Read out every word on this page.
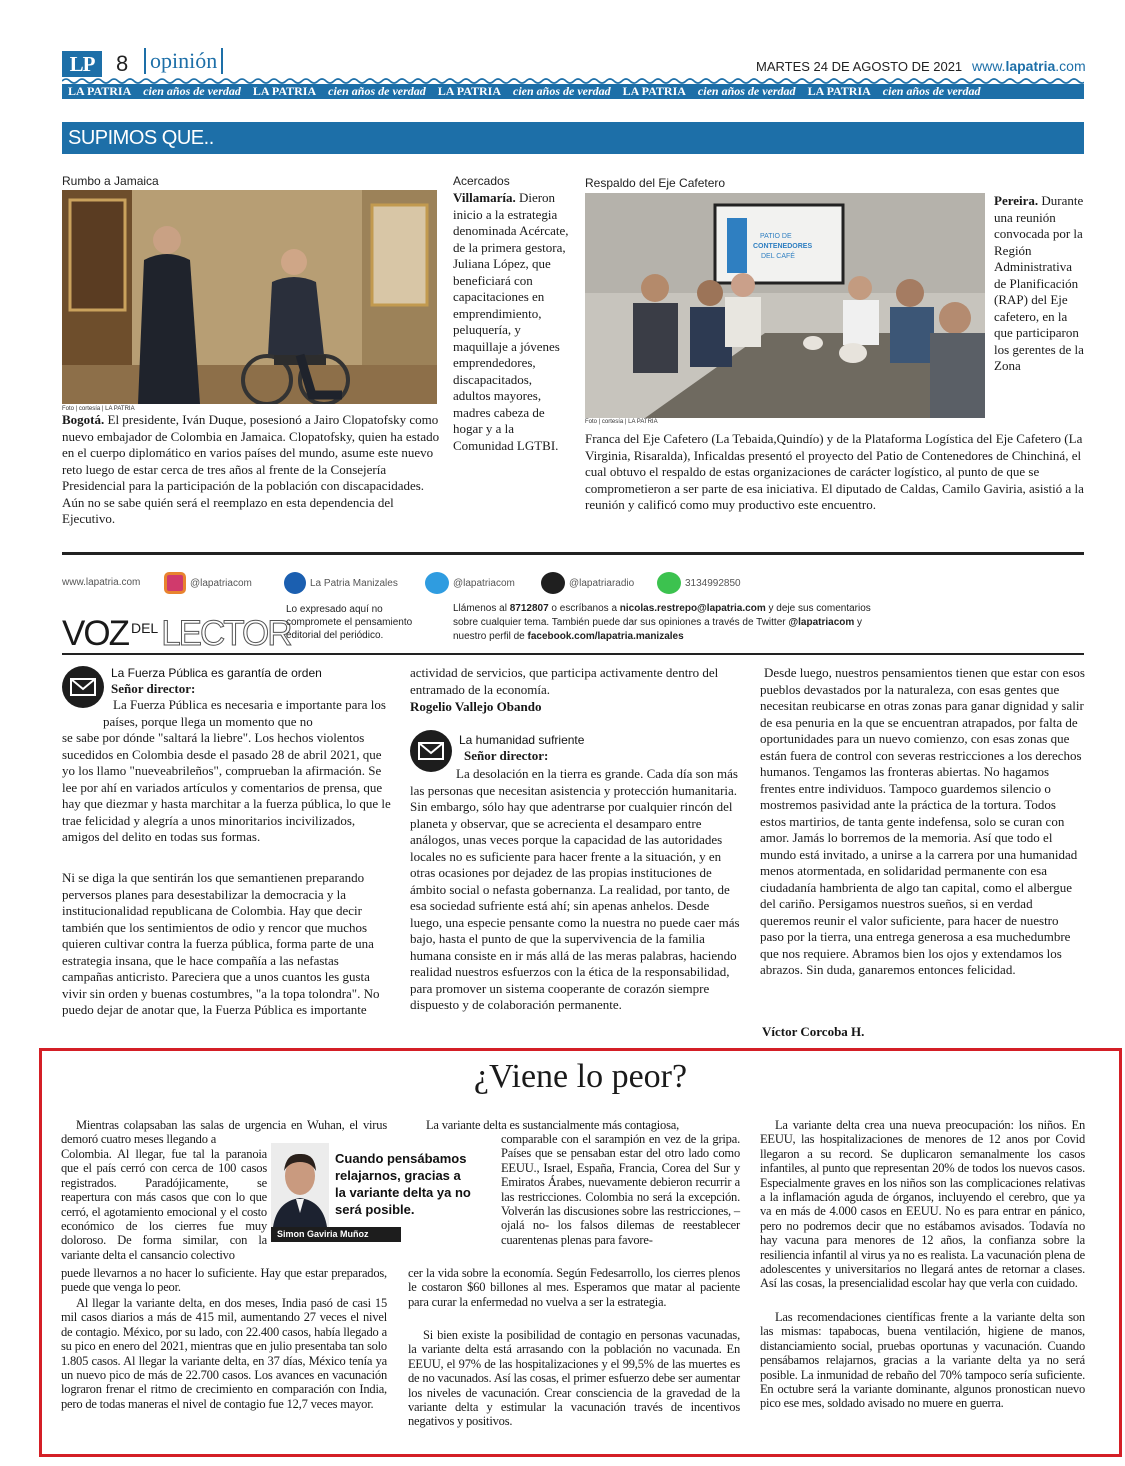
LP 8 opinión	MARTES 24 DE AGOSTO DE 2021 www.lapatria.com
LA PATRIA cien años de verdad LA PATRIA cien años de verdad LA PATRIA cien años de verdad LA PATRIA cien años de verdad LA PATRIA cien años de verdad
SUPIMOS QUE..
Rumbo a Jamaica
Foto | cortesía | LA PATRIA
Bogotá. El presidente, Iván Duque, posesionó a Jairo Clopatofsky como nuevo embajador de Colombia en Jamaica. Clopatofsky, quien ha estado en el cuerpo diplomático en varios países del mundo, asume este nuevo reto luego de estar cerca de tres años al frente de la Consejería Presidencial para la participación de la población con discapacidades. Aún no se sabe quién será el reemplazo en esta dependencia del Ejecutivo.
Acercados
Villamaría. Dieron inicio a la estrategia denominada Acércate, de la primera gestora, Juliana López, que beneficiará con capacitaciones en emprendimiento, peluquería, y maquillaje a jóvenes emprendedores, discapacitados, adultos mayores, madres cabeza de hogar y a la Comunidad LGTBI.
Respaldo del Eje Cafetero
PATIO DE
CONTENEDORES
DEL CAFÉ
Foto | cortesía | LA PATRIA
Pereira. Durante una reunión convocada por la Región Administrativa de Planificación (RAP) del Eje cafetero, en la que participaron los gerentes de la Zona
Franca del Eje Cafetero (La Tebaida,Quindío) y de la Plataforma Logística del Eje Cafetero (La Virginia, Risaralda), Inficaldas presentó el proyecto del Patio de Contenedores de Chinchiná, el cual obtuvo el respaldo de estas organizaciones de carácter logístico, al punto de que se comprometieron a ser parte de esa iniciativa. El diputado de Caldas, Camilo Gaviria, asistió a la reunión y calificó como muy productivo este encuentro.
www.lapatria.com	@lapatriacom	La Patria Manizales	@lapatriacom	@lapatriaradio	3134992850
VOZ $^{DEL}$LECTOR
Lo expresado aquí no compromete el pensamiento editorial del periódico.
Llámenos al 8712807 o escríbanos a nicolas.restrepo@lapatria.com y deje sus comentarios sobre cualquier tema. También puede dar sus opiniones a través de Twitter @lapatriacom y nuestro perfil de facebook.com/lapatria.manizales
La Fuerza Pública es garantía de orden
Señor director:
La Fuerza Pública es necesaria e importante para los países, porque llega un momento que no
se sabe por dónde "saltará la liebre". Los hechos violentos sucedidos en Colombia desde el pasado 28 de abril 2021, que yo los llamo "nueveabrileños", comprueban la afirmación. Se lee por ahí en variados artículos y comentarios de prensa, que hay que diezmar y hasta marchitar a la fuerza pública, lo que le trae felicidad y alegría a unos minoritarios incivilizados, amigos del delito en todas sus formas.
Ni se diga la que sentirán los que semantienen preparando perversos planes para desestabilizar la democracia y la institucionalidad republicana de Colombia. Hay que decir también que los sentimientos de odio y rencor que muchos quieren cultivar contra la fuerza pública, forma parte de una estrategia insana, que le hace compañía a las nefastas campañas anticristo. Pareciera que a unos cuantos les gusta vivir sin orden y buenas costumbres, "a la topa tolondra". No puedo dejar de anotar que, la Fuerza Pública es importante
actividad de servicios, que participa activamente dentro del entramado de la economía.
Rogelio Vallejo Obando
La humanidad sufriente
Señor director:
La desolación en la tierra es grande. Cada día son más las personas que necesitan asistencia y protección humanitaria. Sin embargo, sólo hay que adentrarse por cualquier rincón del planeta y observar, que se acrecienta el desamparo entre análogos, unas veces porque la capacidad de las autoridades locales no es suficiente para hacer frente a la situación, y en otras ocasiones por dejadez de las propias instituciones de ámbito social o nefasta gobernanza. La realidad, por tanto, de esa sociedad sufriente está ahí; sin apenas anhelos. Desde luego, una especie pensante como la nuestra no puede caer más bajo, hasta el punto de que la supervivencia de la familia humana consiste en ir más allá de las meras palabras, haciendo realidad nuestros esfuerzos con la ética de la responsabilidad, para promover un sistema cooperante de corazón siempre dispuesto y de colaboración permanente.
Desde luego, nuestros pensamientos tienen que estar con esos pueblos devastados por la naturaleza, con esas gentes que necesitan reubicarse en otras zonas para ganar dignidad y salir de esa penuria en la que se encuentran atrapados, por falta de oportunidades para un nuevo comienzo, con esas zonas que están fuera de control con severas restricciones a los derechos humanos. Tengamos las fronteras abiertas. No hagamos frentes entre individuos. Tampoco guardemos silencio o mostremos pasividad ante la práctica de la tortura. Todos estos martirios, de tanta gente indefensa, solo se curan con amor. Jamás lo borremos de la memoria. Así que todo el mundo está invitado, a unirse a la carrera por una humanidad menos atormentada, en solidaridad permanente con esa ciudadanía hambrienta de algo tan capital, como el albergue del cariño. Persigamos nuestros sueños, si en verdad queremos reunir el valor suficiente, para hacer de nuestro paso por la tierra, una entrega generosa a esa muchedumbre que nos requiere. Abramos bien los ojos y extendamos los abrazos. Sin duda, ganaremos entonces felicidad.
Víctor Corcoba H.
¿Viene lo peor?
Mientras colapsaban las salas de urgencia en Wuhan, el virus demoró cuatro meses llegando a
Colombia. Al llegar, fue tal la paranoia que el país cerró con cerca de 100 casos registrados. Paradójicamente, se reapertura con más casos que con lo que cerró, el agotamiento emocional y el costo económico de los cierres fue muy doloroso. De forma similar, con la variante delta el cansancio colectivo
puede llevarnos a no hacer lo suficiente. Hay que estar preparados, puede que venga lo peor.
Al llegar la variante delta, en dos meses, India pasó de casi 15 mil casos diarios a más de 415 mil, aumentando 27 veces el nivel de contagio. México, por su lado, con 22.400 casos, había llegado a su pico en enero del 2021, mientras que en julio presentaba tan solo 1.805 casos. Al llegar la variante delta, en 37 días, México tenía ya un nuevo pico de más de 22.700 casos. Los avances en vacunación lograron frenar el ritmo de crecimiento en comparación con India, pero de todas maneras el nivel de contagio fue 12,7 veces mayor.
Cuando pensábamos relajarnos, gracias a la variante delta ya no será posible.
Simon Gaviria Muñoz
La variante delta es sustancialmente más contagiosa,
comparable con el sarampión en vez de la gripa. Países que se pensaban estar del otro lado como EEUU., Israel, España, Francia, Corea del Sur y Emiratos Árabes, nuevamente debieron recurrir a las restricciones. Colombia no será la excepción. Volverán las discusiones sobre las restricciones, – ojalá no- los falsos dilemas de reestablecer cuarentenas plenas para favore-
cer la vida sobre la economía. Según Fedesarrollo, los cierres plenos le costaron $60 billones al mes. Esperamos que matar al paciente para curar la enfermedad no vuelva a ser la estrategia.
Si bien existe la posibilidad de contagio en personas vacunadas, la variante delta está arrasando con la población no vacunada. En EEUU, el 97% de las hospitalizaciones y el 99,5% de las muertes es de no vacunados. Así las cosas, el primer esfuerzo debe ser aumentar los niveles de vacunación. Crear consciencia de la gravedad de la variante delta y estimular la vacunación través de incentivos negativos y positivos.
La variante delta crea una nueva preocupación: los niños. En EEUU, las hospitalizaciones de menores de 12 anos por Covid llegaron a su record. Se duplicaron semanalmente los casos infantiles, al punto que representan 20% de todos los nuevos casos. Especialmente graves en los niños son las complicaciones relativas a la inflamación aguda de órganos, incluyendo el cerebro, que ya va en más de 4.000 casos en EEUU. No es para entrar en pánico, pero no podremos decir que no estábamos avisados. Todavía no hay vacuna para menores de 12 años, la confianza sobre la resiliencia infantil al virus ya no es realista. La vacunación plena de adolescentes y universitarios no llegará antes de retornar a clases. Así las cosas, la presencialidad escolar hay que verla con cuidado.
Las recomendaciones científicas frente a la variante delta son las mismas: tapabocas, buena ventilación, higiene de manos, distanciamiento social, pruebas oportunas y vacunación. Cuando pensábamos relajarnos, gracias a la variante delta ya no será posible. La inmunidad de rebaño del 70% tampoco sería suficiente. En octubre será la variante dominante, algunos pronostican nuevo pico ese mes, soldado avisado no muere en guerra.
